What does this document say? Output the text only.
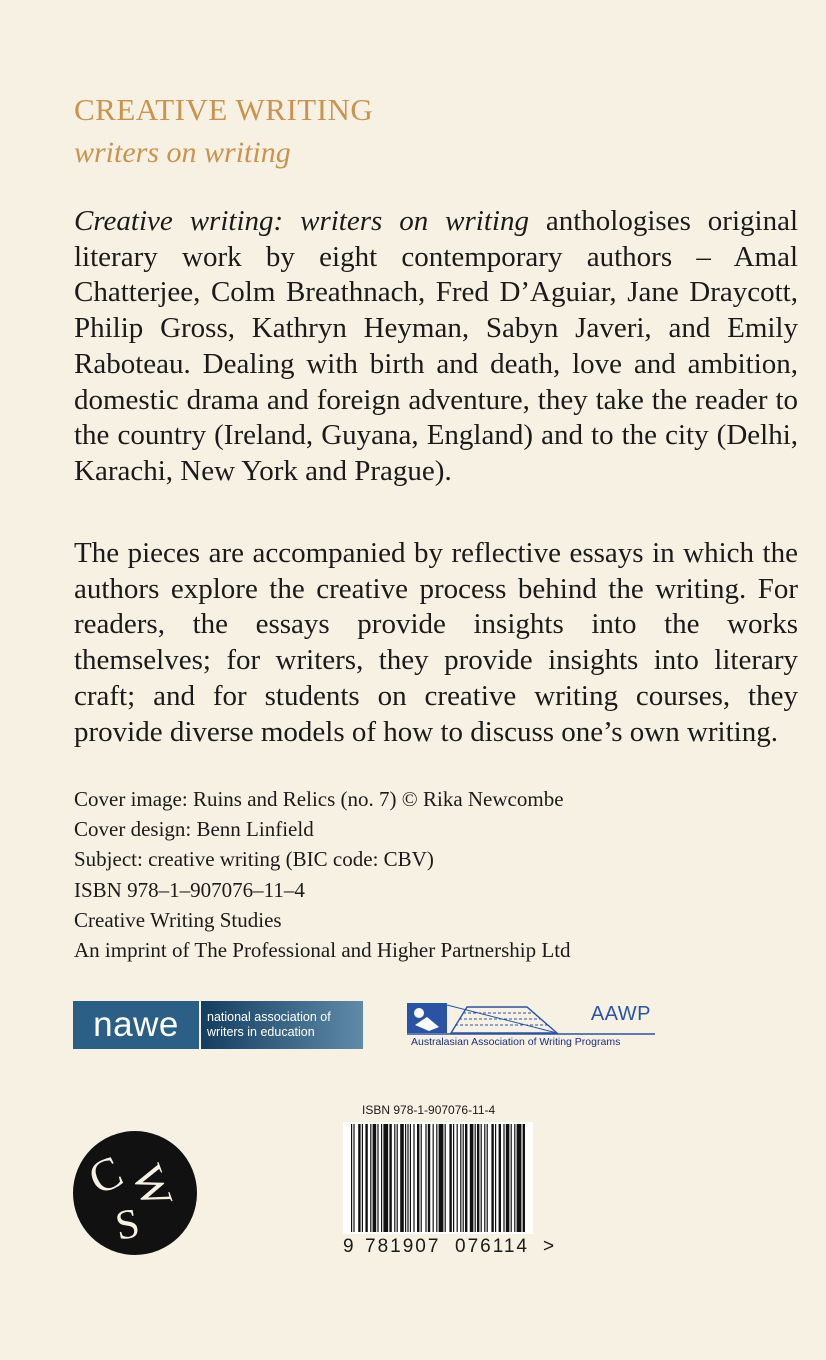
CREATIVE WRITING
writers on writing
Creative writing: writers on writing anthologises original literary work by eight contemporary authors – Amal Chatterjee, Colm Breathnach, Fred D’Aguiar, Jane Draycott, Philip Gross, Kathryn Heyman, Sabyn Javeri, and Emily Raboteau. Dealing with birth and death, love and ambition, domestic drama and foreign adventure, they take the reader to the country (Ireland, Guyana, England) and to the city (Delhi, Karachi, New York and Prague).
The pieces are accompanied by reflective essays in which the authors explore the creative process behind the writing. For readers, the essays provide insights into the works themselves; for writers, they provide insights into literary craft; and for students on creative writing courses, they provide diverse models of how to discuss one’s own writing.
Cover image: Ruins and Relics (no. 7) © Rika Newcombe
Cover design: Benn Linfield
Subject: creative writing (BIC code: CBV)
ISBN 978–1–907076–11–4
Creative Writing Studies
An imprint of The Professional and Higher Partnership Ltd
nawe	national association of
writers in education
AAWP
Australasian Association of Writing Programs
C
W
S
ISBN 978-1-907076-11-4
9 781907 076114 >
